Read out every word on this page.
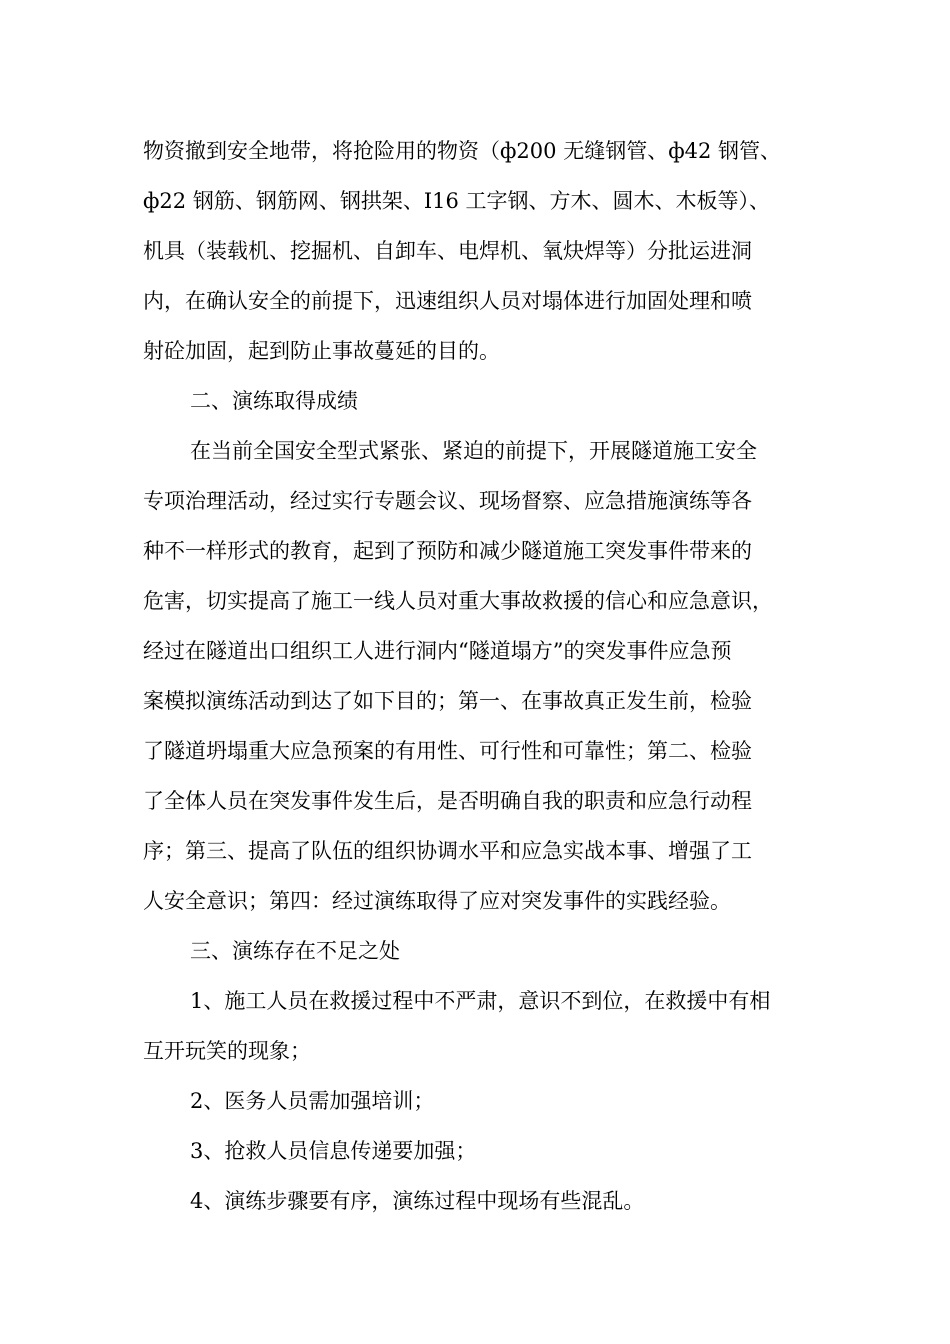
物资撤到安全地带，将抢险用的物资（ф200 无缝钢管、ф42 钢管、
ф22 钢筋、钢筋网、钢拱架、I16 工字钢、方木、圆木、木板等）、
机具（装载机、挖掘机、自卸车、电焊机、氧炔焊等）分批运进洞
内，在确认安全的前提下，迅速组织人员对塌体进行加固处理和喷
射砼加固，起到防止事故蔓延的目的。
二、演练取得成绩
在当前全国安全型式紧张、紧迫的前提下，开展隧道施工安全
专项治理活动，经过实行专题会议、现场督察、应急措施演练等各
种不一样形式的教育，起到了预防和减少隧道施工突发事件带来的
危害，切实提高了施工一线人员对重大事故救援的信心和应急意识，
经过在隧道出口组织工人进行洞内“隧道塌方”的突发事件应急预
案模拟演练活动到达了如下目的；第一、在事故真正发生前，检验
了隧道坍塌重大应急预案的有用性、可行性和可靠性；第二、检验
了全体人员在突发事件发生后，是否明确自我的职责和应急行动程
序；第三、提高了队伍的组织协调水平和应急实战本事、增强了工
人安全意识；第四：经过演练取得了应对突发事件的实践经验。
三、演练存在不足之处
1、施工人员在救援过程中不严肃，意识不到位，在救援中有相
互开玩笑的现象；
2、医务人员需加强培训；
3、抢救人员信息传递要加强；
4、演练步骤要有序，演练过程中现场有些混乱。
